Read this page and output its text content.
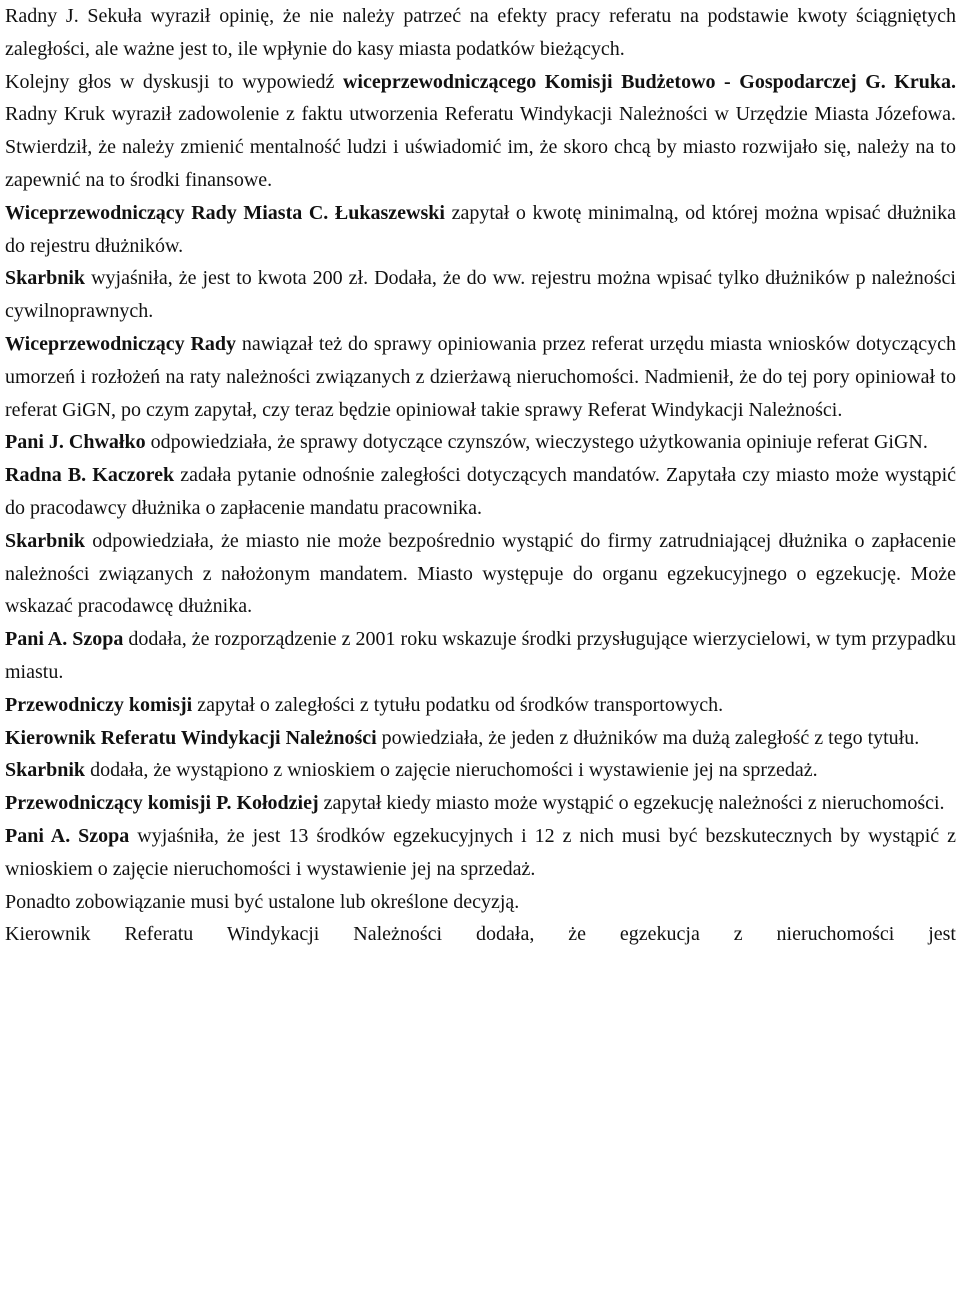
Radny J. Sekuła wyraził opinię, że nie należy patrzeć na efekty pracy referatu na podstawie kwoty ściągniętych zaległości, ale ważne jest to, ile wpłynie do kasy miasta podatków bieżących.

Kolejny głos w dyskusji to wypowiedź wiceprzewodniczącego Komisji Budżetowo - Gospodarczej G. Kruka. Radny Kruk wyraził zadowolenie z faktu utworzenia Referatu Windykacji Należności w Urzędzie Miasta Józefowa. Stwierdził, że należy zmienić mentalność ludzi i uświadomić im, że skoro chcą by miasto rozwijało się, należy na to zapewnić na to środki finansowe.

Wiceprzewodniczący Rady Miasta C. Łukaszewski zapytał o kwotę minimalną, od której można wpisać dłużnika do rejestru dłużników.

Skarbnik wyjaśniła, że jest to kwota 200 zł. Dodała, że do ww. rejestru można wpisać tylko dłużników p należności cywilnoprawnych.

Wiceprzewodniczący Rady nawiązał też do sprawy opiniowania przez referat urzędu miasta wniosków dotyczących umorzeń i rozłożeń na raty należności związanych z dzierżawą nieruchomości. Nadmienił, że do tej pory opiniował to referat GiGN, po czym zapytał, czy teraz będzie opiniował takie sprawy Referat Windykacji Należności.

Pani J. Chwałko odpowiedziała, że sprawy dotyczące czynszów, wieczystego użytkowania opiniuje referat GiGN.

Radna B. Kaczorek zadała pytanie odnośnie zaległości dotyczących mandatów. Zapytała czy miasto może wystąpić do pracodawcy dłużnika o zapłacenie mandatu pracownika.

Skarbnik odpowiedziała, że miasto nie może bezpośrednio wystąpić do firmy zatrudniającej dłużnika o zapłacenie należności związanych z nałożonym mandatem. Miasto występuje do organu egzekucyjnego o egzekucję. Może wskazać pracodawcę dłużnika.

Pani A. Szopa dodała, że rozporządzenie z 2001 roku wskazuje środki przysługujące wierzycielowi, w tym przypadku miastu.

Przewodniczy komisji zapytał o zaległości z tytułu podatku od środków transportowych.

Kierownik Referatu Windykacji Należności powiedziała, że jeden z dłużników ma dużą zaległość z tego tytułu.

Skarbnik dodała, że wystąpiono z wnioskiem o zajęcie nieruchomości i wystawienie jej na sprzedaż.

Przewodniczący komisji P. Kołodziej zapytał kiedy miasto może wystąpić o egzekucję należności z nieruchomości.

Pani A. Szopa wyjaśniła, że jest 13 środków egzekucyjnych i 12 z nich musi być bezskutecznych by wystąpić z wnioskiem o zajęcie nieruchomości i wystawienie jej na sprzedaż.

Ponadto zobowiązanie musi być ustalone lub określone decyzją.

Kierownik Referatu Windykacji Należności dodała, że egzekucja z nieruchomości jest
